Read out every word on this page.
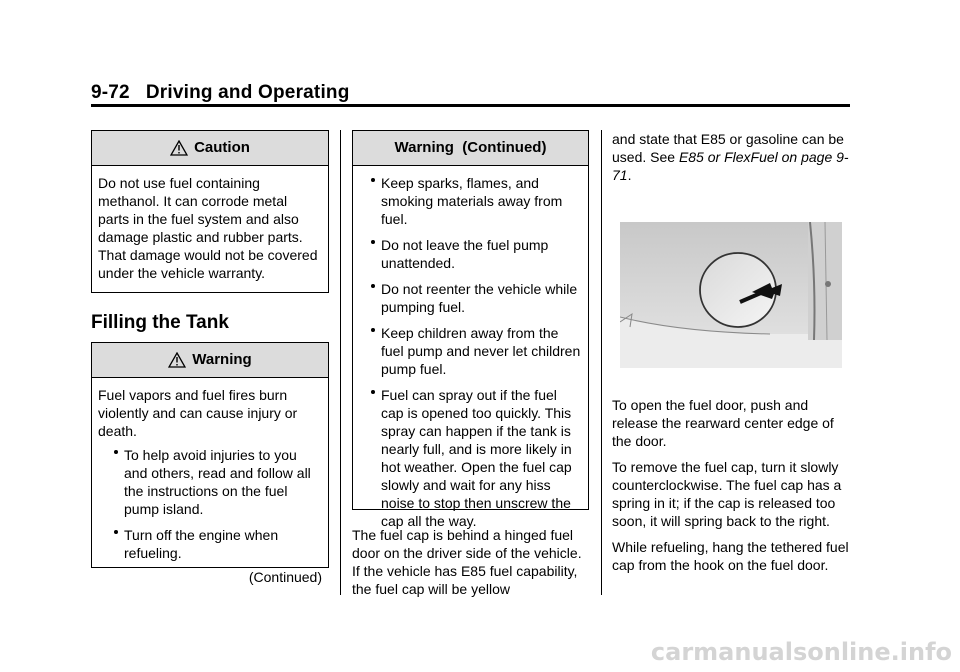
9-72 Driving and Operating
Caution

Do not use fuel containing methanol. It can corrode metal parts in the fuel system and also damage plastic and rubber parts. That damage would not be covered under the vehicle warranty.

Filling the Tank
Warning

Fuel vapors and fuel fires burn violently and can cause injury or death.

To help avoid injuries to you and others, read and follow all the instructions on the fuel pump island.
Turn off the engine when refueling.
(Continued)
Warning  (Continued)
Keep sparks, flames, and smoking materials away from fuel.
Do not leave the fuel pump unattended.
Do not reenter the vehicle while pumping fuel.
Keep children away from the fuel pump and never let children pump fuel.
Fuel can spray out if the fuel cap is opened too quickly. This spray can happen if the tank is nearly full, and is more likely in hot weather. Open the fuel cap slowly and wait for any hiss noise to stop then unscrew the cap all the way.

The fuel cap is behind a hinged fuel door on the driver side of the vehicle. If the vehicle has E85 fuel capability, the fuel cap will be yellow

and state that E85 or gasoline can be used. See E85 or FlexFuel on page 9-71.

To open the fuel door, push and release the rearward center edge of the door.

To remove the fuel cap, turn it slowly counterclockwise. The fuel cap has a spring in it; if the cap is released too soon, it will spring back to the right.

While refueling, hang the tethered fuel cap from the hook on the fuel door.

carmanualsonline.info
